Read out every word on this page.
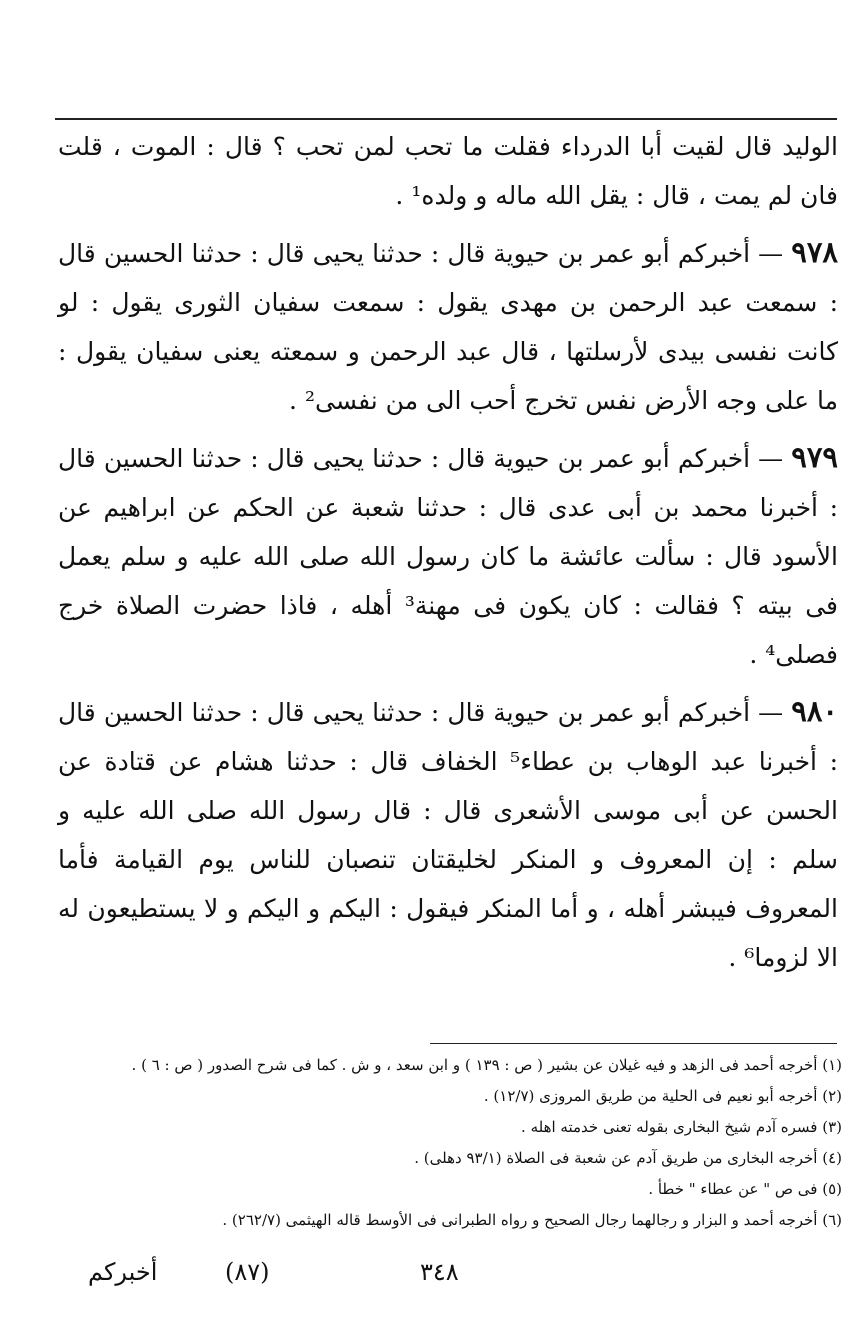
الوليد قال لقيت أبا الدرداء فقلت ما تحب لمن تحب ؟ قال : الموت ، قلت فان لم يمت ، قال : يقل الله ماله و ولده¹ .

٩٧٨ — أخبركم أبو عمر بن حيوية قال : حدثنا يحيى قال : حدثنا الحسين قال : سمعت عبد الرحمن بن مهدى يقول : سمعت سفيان الثورى يقول : لو كانت نفسى بيدى لأرسلتها ، قال عبد الرحمن و سمعته يعنى سفيان يقول : ما على وجه الأرض نفس تخرج أحب الى من نفسى² .

٩٧٩ — أخبركم أبو عمر بن حيوية قال : حدثنا يحيى قال : حدثنا الحسين قال : أخبرنا محمد بن أبى عدى قال : حدثنا شعبة عن الحكم عن ابراهيم عن الأسود قال : سألت عائشة ما كان رسول الله صلى الله عليه و سلم يعمل فى بيته ؟ فقالت : كان يكون فى مهنة³ أهله ، فاذا حضرت الصلاة خرج فصلى⁴ .

٩٨٠ — أخبركم أبو عمر بن حيوية قال : حدثنا يحيى قال : حدثنا الحسين قال : أخبرنا عبد الوهاب بن عطاء⁵ الخفاف قال : حدثنا هشام عن قتادة عن الحسن عن أبى موسى الأشعرى قال : قال رسول الله صلى الله عليه و سلم : إن المعروف و المنكر لخليقتان تنصبان للناس يوم القيامة فأما المعروف فيبشر أهله ، و أما المنكر فيقول : اليكم و اليكم و لا يستطيعون له الا لزوما⁶ .

(١) أخرجه أحمد فى الزهد و فيه غيلان عن بشير ( ص : ١٣٩ ) و ابن سعد ، و ش . كما فى شرح الصدور ( ص : ٦ ) .
(٢) أخرجه أبو نعيم فى الحلية من طريق المروزى (١٢/٧) .
(٣) فسره آدم شيخ البخارى بقوله تعنى خدمته اهله .
(٤) أخرجه البخارى من طريق آدم عن شعبة فى الصلاة (٩٣/١ دهلى) .
(٥) فى ص " عن عطاء " خطأ .
(٦) أخرجه أحمد و البزار و رجالهما رجال الصحيح و رواه الطبرانى فى الأوسط قاله الهيثمى (٢٦٢/٧) .
أخبركم	(٨٧)	٣٤٨
